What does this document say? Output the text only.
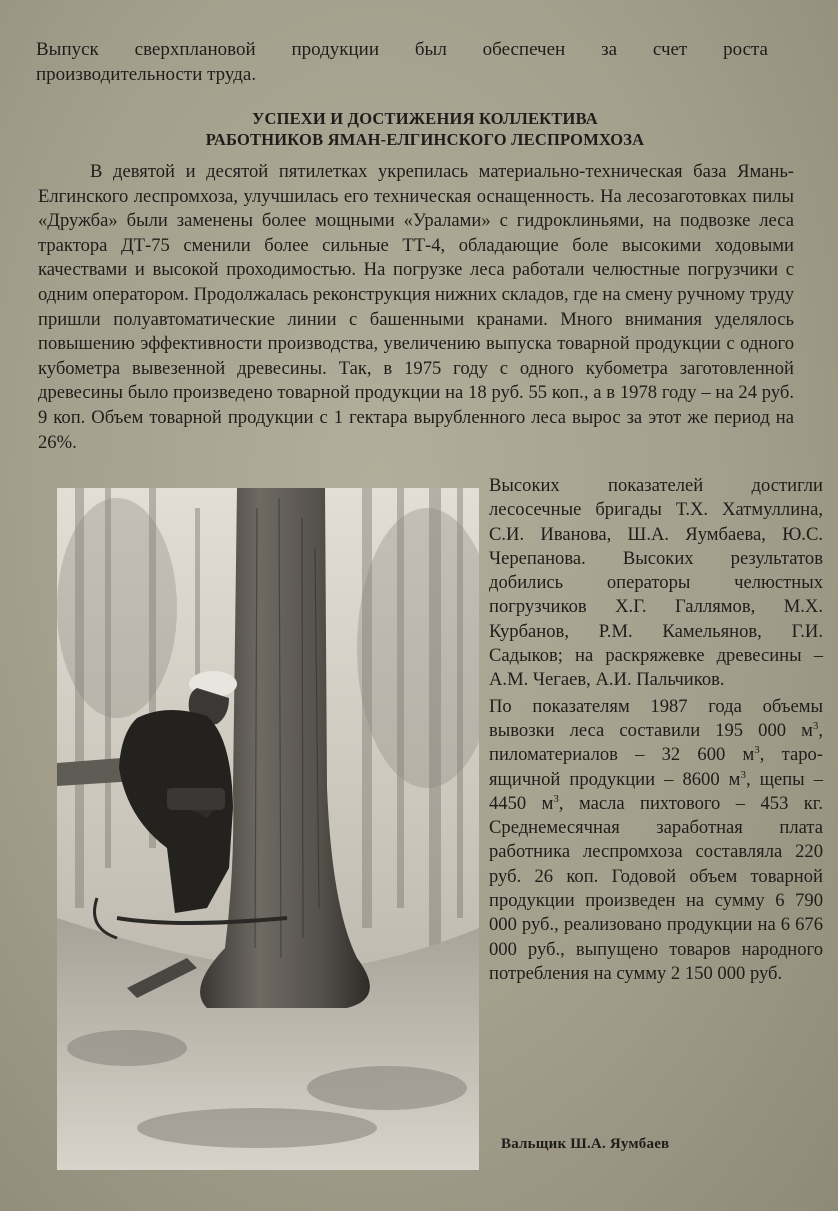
Выпуск сверхплановой продукции был обеспечен за счет роста
производительности труда.
УСПЕХИ И ДОСТИЖЕНИЯ КОЛЛЕКТИВА
РАБОТНИКОВ ЯМАН-ЕЛГИНСКОГО ЛЕСПРОМХОЗА
В девятой и десятой пятилетках укрепилась материально-техническая база Ямань-Елгинского леспромхоза, улучшилась его техническая оснащенность. На лесозаготовках пилы «Дружба» были заменены более мощными «Уралами» с гидроклиньями, на подвозке леса трактора ДТ-75 сменили более сильные ТТ-4, обладающие боле высокими ходовыми качествами и высокой проходимостью. На погрузке леса работали челюстные погрузчики с одним оператором. Продолжалась реконструкция нижних складов, где на смену ручному труду пришли полуавтоматические линии с башенными кранами. Много внимания уделялось повышению эффективности производства, увеличению выпуска товарной продукции с одного кубометра вывезенной древесины. Так, в 1975 году с одного кубометра заготовленной древесины было произведено товарной продукции на 18 руб. 55 коп., а в 1978 году – на 24 руб. 9 коп. Объем товарной продукции с 1 гектара вырубленного леса вырос за этот же период на 26%.

Высоких показателей достигли лесосечные бригады Т.Х. Хатмуллина, С.И. Иванова, Ш.А. Яумбаева, Ю.С. Черепанова. Высоких результатов добились операторы челюстных погрузчиков Х.Г. Галлямов, М.Х. Курбанов, Р.М. Камельянов, Г.И. Садыков; на раскряжевке древесины – А.М. Чегаев, А.И. Пальчиков.

По показателям 1987 года объемы вывозки леса составили 195 000 $м^3$, пиломатериалов – 32 600 $м^3$, таро-ящичной продукции – 8600 $м^3$, щепы – 4450 $м^3$, масла пихтового – 453 кг. Среднемесячная заработная плата работника леспромхоза составляла 220 руб. 26 коп. Годовой объем товарной продукции произведен на сумму 6 790 000 руб., реализовано продукции на 6 676 000 руб., выпущено товаров народного потребления на сумму 2 150 000 руб.

Вальщик Ш.А. Яумбаев
